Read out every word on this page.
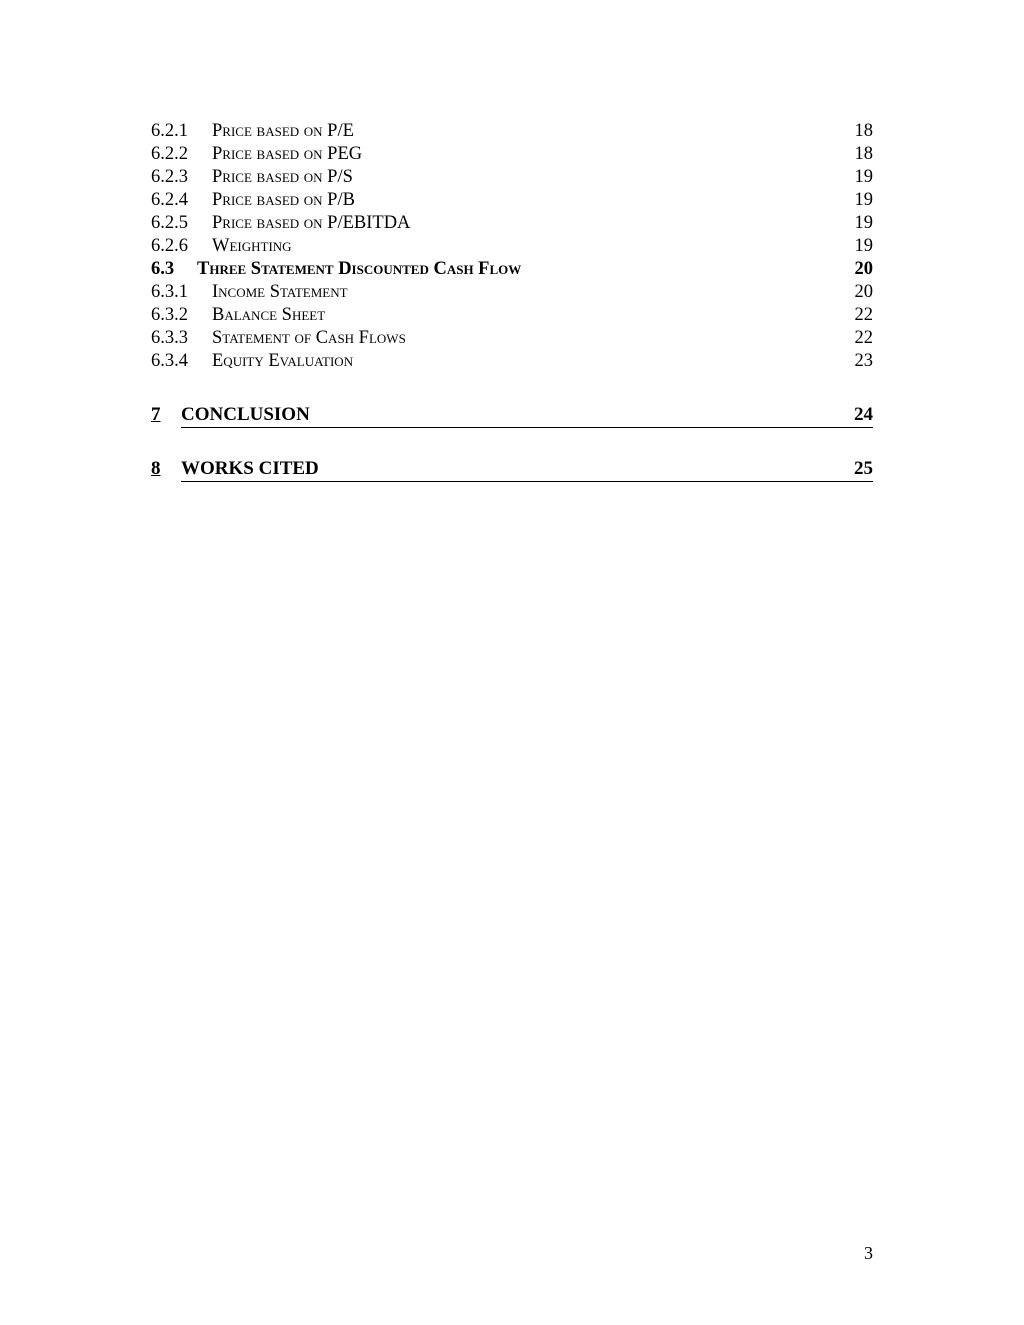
6.2.1	Price based on P/E	18
6.2.2	Price based on PEG	18
6.2.3	Price based on P/S	19
6.2.4	Price based on P/B	19
6.2.5	Price based on P/EBITDA	19
6.2.6	Weighting	19
6.3	Three Statement Discounted Cash Flow	20
6.3.1	Income Statement	20
6.3.2	Balance Sheet	22
6.3.3	Statement of Cash Flows	22
6.3.4	Equity Evaluation	23
7	CONCLUSION	24
8	WORKS CITED	25
3
